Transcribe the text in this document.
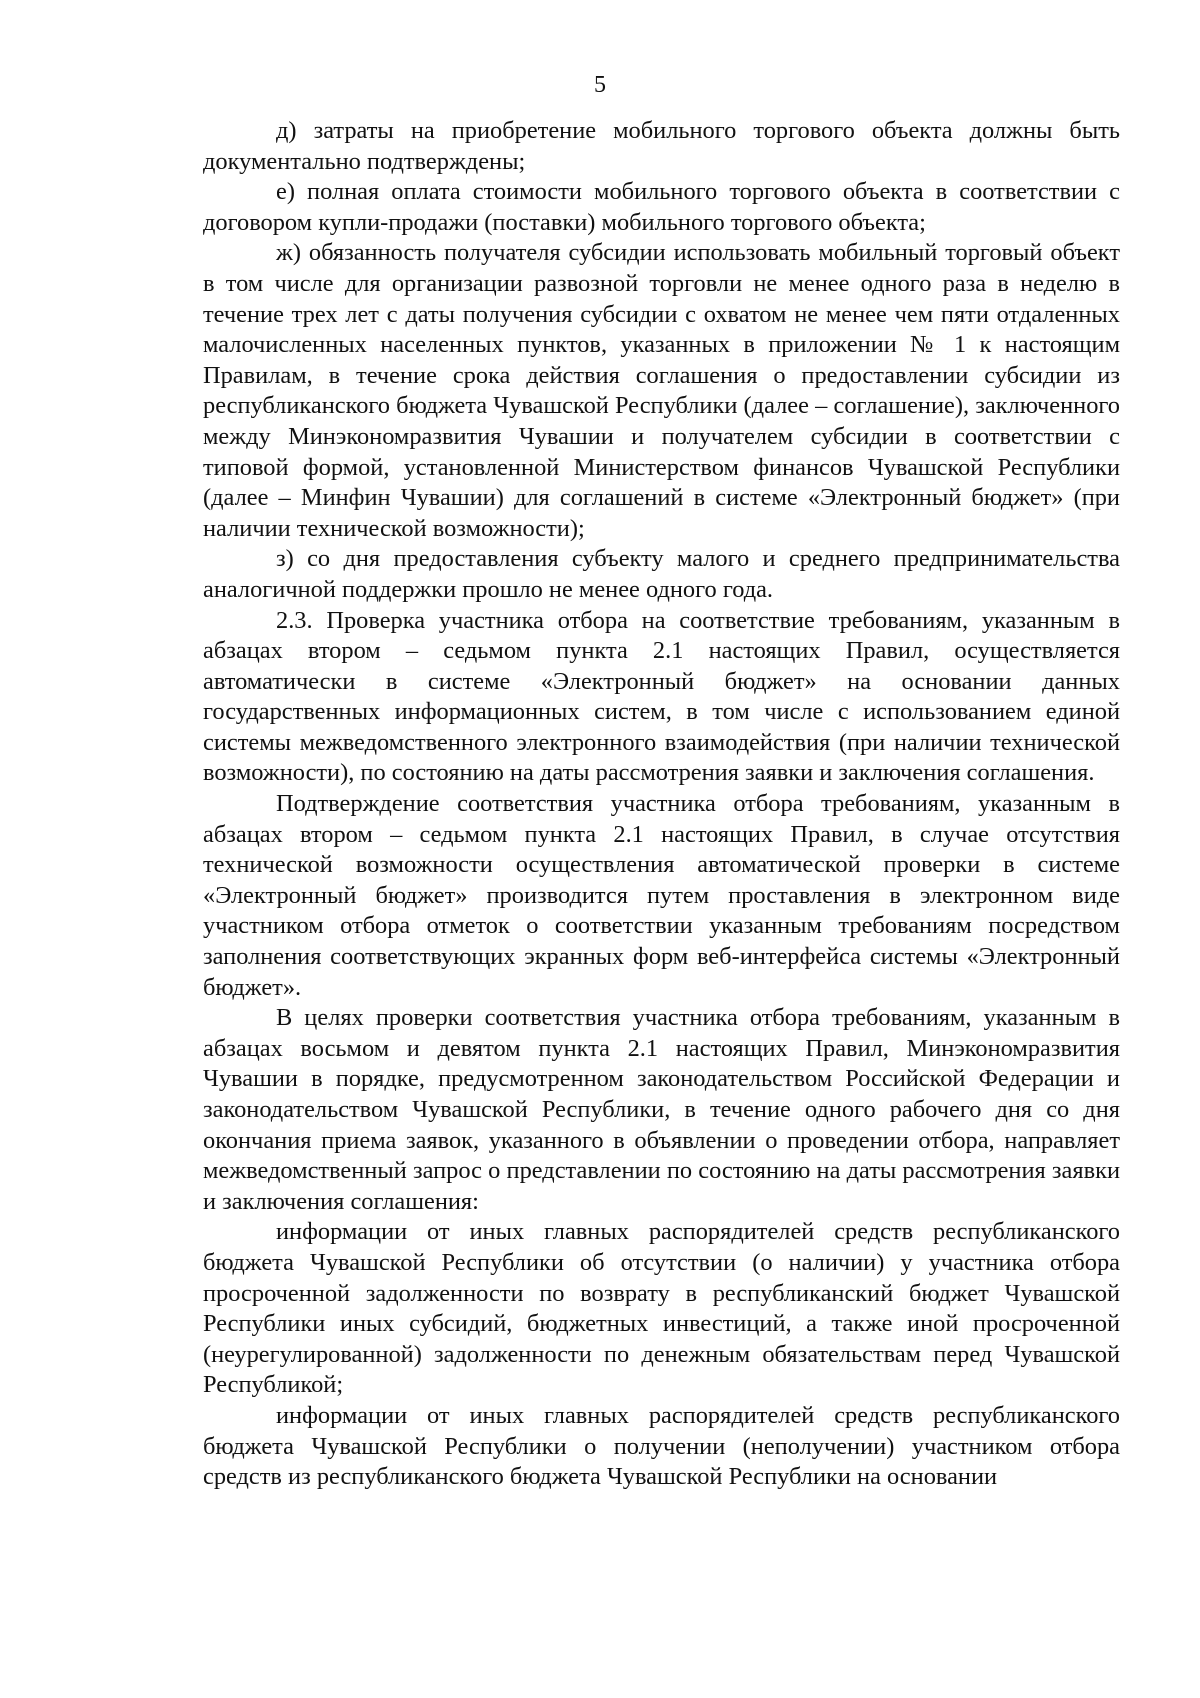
5

д) затраты на приобретение мобильного торгового объекта должны быть документально подтверждены;

е) полная оплата стоимости мобильного торгового объекта в соответствии с договором купли-продажи (поставки) мобильного торгового объекта;

ж) обязанность получателя субсидии использовать мобильный торговый объект в том числе для организации развозной торговли не менее одного раза в неделю в течение трех лет с даты получения субсидии с охватом не менее чем пяти отдаленных малочисленных населенных пунктов, указанных в приложении № 1 к настоящим Правилам, в течение срока действия соглашения о предоставлении субсидии из республиканского бюджета Чувашской Республики (далее – соглашение), заключенного между Минэкономразвития Чувашии и получателем субсидии в соответствии с типовой формой, установленной Министерством финансов Чувашской Республики (далее – Минфин Чувашии) для соглашений в системе «Электронный бюджет» (при наличии технической возможности);

з) со дня предоставления субъекту малого и среднего предпринимательства аналогичной поддержки прошло не менее одного года.

2.3. Проверка участника отбора на соответствие требованиям, указанным в абзацах втором – седьмом пункта 2.1 настоящих Правил, осуществляется автоматически в системе «Электронный бюджет» на основании данных государственных информационных систем, в том числе с использованием единой системы межведомственного электронного взаимодействия (при наличии технической возможности), по состоянию на даты рассмотрения заявки и заключения соглашения.

Подтверждение соответствия участника отбора требованиям, указанным в абзацах втором – седьмом пункта 2.1 настоящих Правил, в случае отсутствия технической возможности осуществления автоматической проверки в системе «Электронный бюджет» производится путем проставления в электронном виде участником отбора отметок о соответствии указанным требованиям посредством заполнения соответствующих экранных форм веб-интерфейса системы «Электронный бюджет».

В целях проверки соответствия участника отбора требованиям, указанным в абзацах восьмом и девятом пункта 2.1 настоящих Правил, Минэкономразвития Чувашии в порядке, предусмотренном законодательством Российской Федерации и законодательством Чувашской Республики, в течение одного рабочего дня со дня окончания приема заявок, указанного в объявлении о проведении отбора, направляет межведомственный запрос о представлении по состоянию на даты рассмотрения заявки и заключения соглашения:

информации от иных главных распорядителей средств республиканского бюджета Чувашской Республики об отсутствии (о наличии) у участника отбора просроченной задолженности по возврату в республиканский бюджет Чувашской Республики иных субсидий, бюджетных инвестиций, а также иной просроченной (неурегулированной) задолженности по денежным обязательствам перед Чувашской Республикой;

информации от иных главных распорядителей средств республиканского бюджета Чувашской Республики о получении (неполучении) участником отбора средств из республиканского бюджета Чувашской Республики на основании
